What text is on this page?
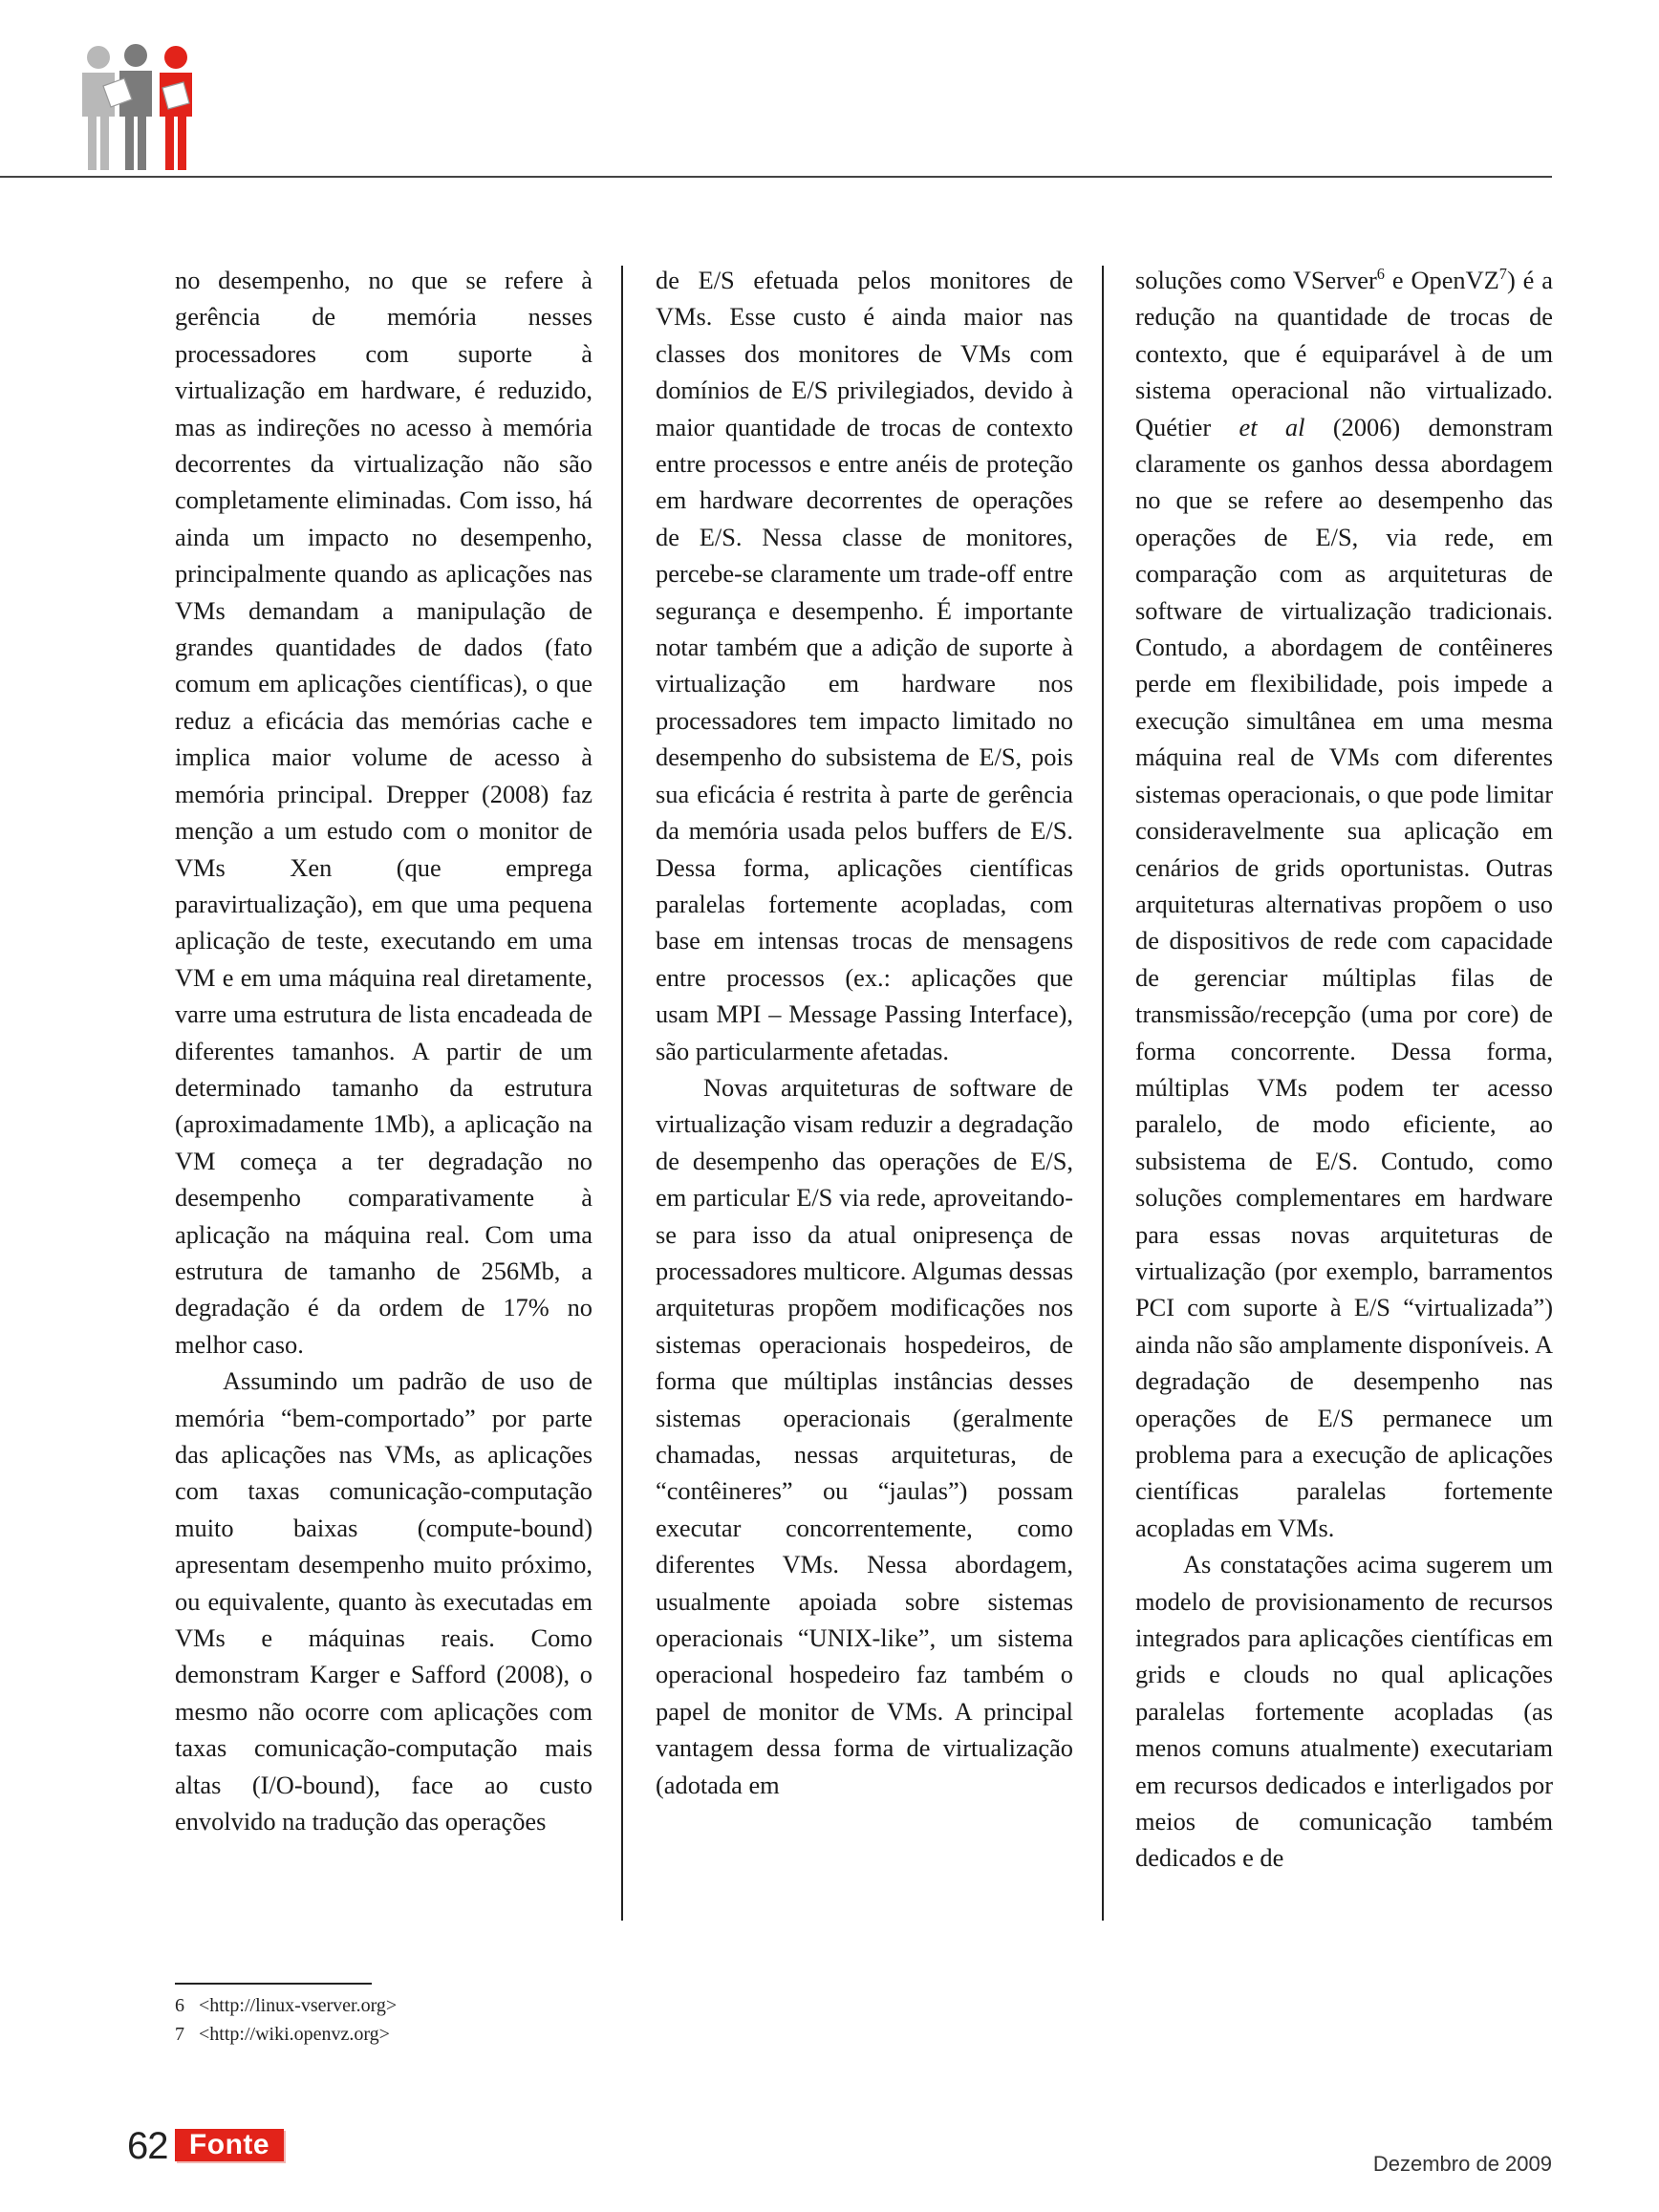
no desempenho, no que se refere à gerência de memória nesses processadores com suporte à virtualização em hardware, é reduzido, mas as indireções no acesso à memória decorrentes da virtualização não são completamente eliminadas. Com isso, há ainda um impacto no desempenho, principalmente quando as aplicações nas VMs demandam a manipulação de grandes quantidades de dados (fato comum em aplicações científicas), o que reduz a eficácia das memórias cache e implica maior volume de acesso à memória principal. Drepper (2008) faz menção a um estudo com o monitor de VMs Xen (que emprega paravirtualização), em que uma pequena aplicação de teste, executando em uma VM e em uma máquina real diretamente, varre uma estrutura de lista encadeada de diferentes tamanhos. A partir de um determinado tamanho da estrutura (aproximadamente 1Mb), a aplicação na VM começa a ter degradação no desempenho comparativamente à aplicação na máquina real. Com uma estrutura de tamanho de 256Mb, a degradação é da ordem de 17% no melhor caso.

Assumindo um padrão de uso de memória “bem-comportado” por parte das aplicações nas VMs, as aplicações com taxas comunicação-computação muito baixas (compute-bound) apresentam desempenho muito próximo, ou equivalente, quanto às executadas em VMs e máquinas reais. Como demonstram Karger e Safford (2008), o mesmo não ocorre com aplicações com taxas comunicação-computação mais altas (I/O-bound), face ao custo envolvido na tradução das operações

de E/S efetuada pelos monitores de VMs. Esse custo é ainda maior nas classes dos monitores de VMs com domínios de E/S privilegiados, devido à maior quantidade de trocas de contexto entre processos e entre anéis de proteção em hardware decorrentes de operações de E/S. Nessa classe de monitores, percebe-se claramente um trade-off entre segurança e desempenho. É importante notar também que a adição de suporte à virtualização em hardware nos processadores tem impacto limitado no desempenho do subsistema de E/S, pois sua eficácia é restrita à parte de gerência da memória usada pelos buffers de E/S. Dessa forma, aplicações científicas paralelas fortemente acopladas, com base em intensas trocas de mensagens entre processos (ex.: aplicações que usam MPI – Message Passing Interface), são particularmente afetadas.

Novas arquiteturas de software de virtualização visam reduzir a degradação de desempenho das operações de E/S, em particular E/S via rede, aproveitando-se para isso da atual onipresença de processadores multicore. Algumas dessas arquiteturas propõem modificações nos sistemas operacionais hospedeiros, de forma que múltiplas instâncias desses sistemas operacionais (geralmente chamadas, nessas arquiteturas, de “contêineres” ou “jaulas”) possam executar concorrentemente, como diferentes VMs. Nessa abordagem, usualmente apoiada sobre sistemas operacionais “UNIX-like”, um sistema operacional hospedeiro faz também o papel de monitor de VMs. A principal vantagem dessa forma de virtualização (adotada em

soluções como VServer$^6$ e OpenVZ$^7$) é a redução na quantidade de trocas de contexto, que é equiparável à de um sistema operacional não virtualizado. Quétier et al (2006) demonstram claramente os ganhos dessa abordagem no que se refere ao desempenho das operações de E/S, via rede, em comparação com as arquiteturas de software de virtualização tradicionais. Contudo, a abordagem de contêineres perde em flexibilidade, pois impede a execução simultânea em uma mesma máquina real de VMs com diferentes sistemas operacionais, o que pode limitar consideravelmente sua aplicação em cenários de grids oportunistas. Outras arquiteturas alternativas propõem o uso de dispositivos de rede com capacidade de gerenciar múltiplas filas de transmissão/recepção (uma por core) de forma concorrente. Dessa forma, múltiplas VMs podem ter acesso paralelo, de modo eficiente, ao subsistema de E/S. Contudo, como soluções complementares em hardware para essas novas arquiteturas de virtualização (por exemplo, barramentos PCI com suporte à E/S “virtualizada”) ainda não são amplamente disponíveis. A degradação de desempenho nas operações de E/S permanece um problema para a execução de aplicações científicas paralelas fortemente acopladas em VMs.

As constatações acima sugerem um modelo de provisionamento de recursos integrados para aplicações científicas em grids e clouds no qual aplicações paralelas fortemente acopladas (as menos comuns atualmente) executariam em recursos dedicados e interligados por meios de comunicação também dedicados e de

6 <http://linux-vserver.org>
7 <http://wiki.openvz.org>
62 Fonte
Dezembro de 2009
